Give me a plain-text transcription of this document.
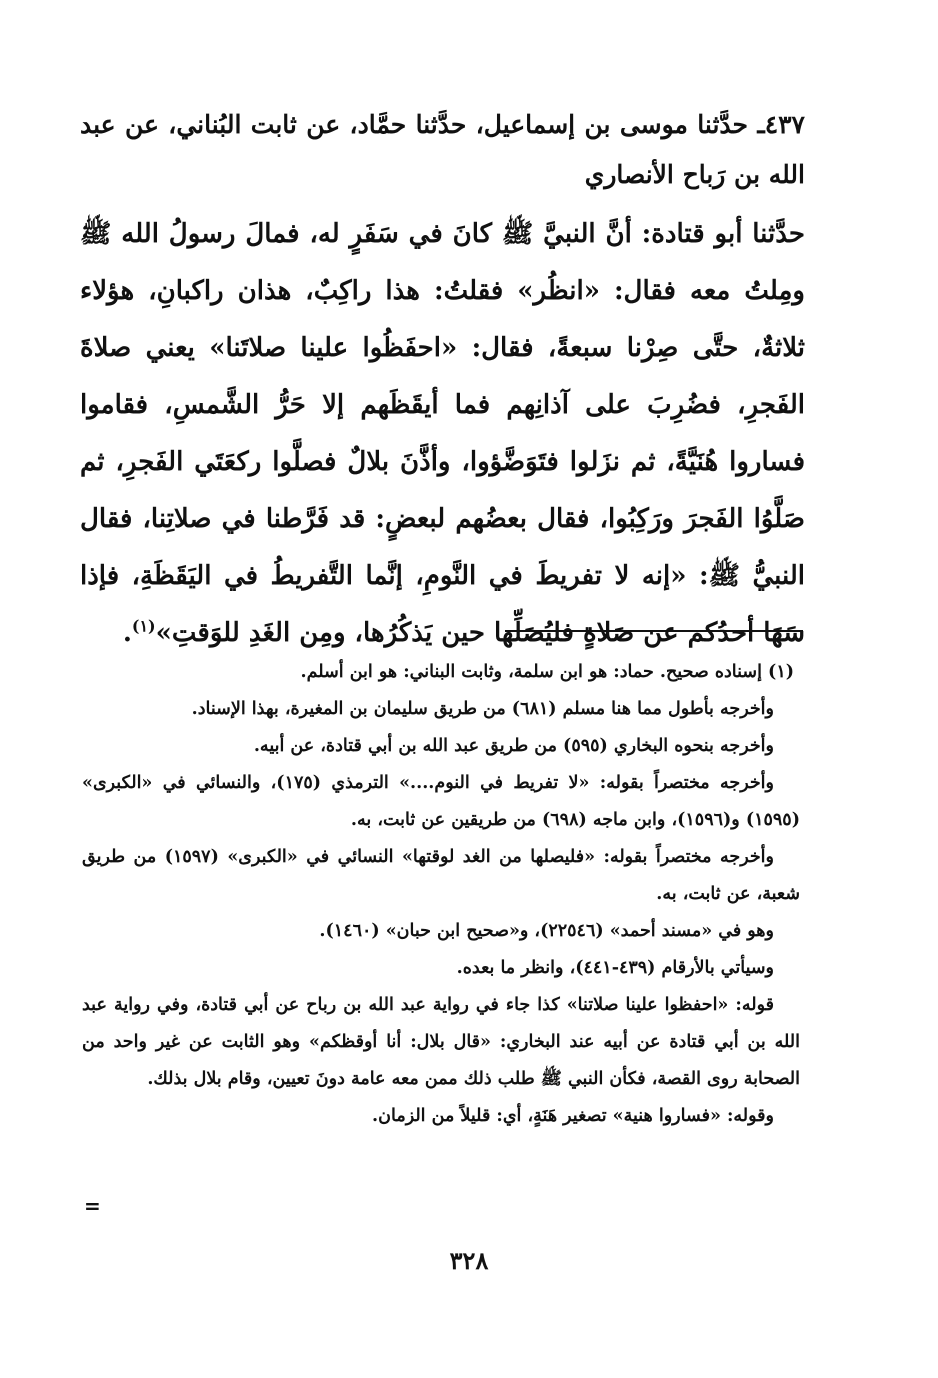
٤٣٧ـ حدَّثنا موسى بن إسماعيل، حدَّثنا حمَّاد، عن ثابت البُناني، عن عبد الله بن رَباح الأنصاري

حدَّثنا أبو قتادة: أنَّ النبيَّ ﷺ كانَ في سَفَرٍ له، فمالَ رسولُ الله ﷺ ومِلتُ معه فقال: «انظُر» فقلتُ: هذا راكِبٌ، هذان راكبانِ، هؤلاء ثلاثةٌ، حتَّى صِرْنا سبعةً، فقال: «احفَظُوا علينا صلاتَنا» يعني صلاةَ الفَجرِ، فضُرِبَ على آذانِهم فما أيقَظَهم إلا حَرُّ الشَّمسِ، فقاموا فساروا هُنَيَّةً، ثم نزَلوا فتَوَضَّؤوا، وأذَّنَ بلالٌ فصلَّوا ركعَتَي الفَجرِ، ثم صَلَّوُا الفَجرَ ورَكِبُوا، فقال بعضُهم لبعضٍ: قد فَرَّطنا في صلاتِنا، فقال النبيُّ ﷺ: «إنه لا تفريطَ في النَّومِ، إنَّما التَّفريطُ في اليَقَظَةِ، فإذا سَهَا أحدُكم عن صَلاةٍ فليُصَلِّها حين يَذكُرُها، ومِن الغَدِ للوَقتِ»$^{(١)}$.

(١) إسناده صحيح. حماد: هو ابن سلمة، وثابت البناني: هو ابن أسلم.

وأخرجه بأطول مما هنا مسلم (٦٨١) من طريق سليمان بن المغيرة، بهذا الإسناد.

وأخرجه بنحوه البخاري (٥٩٥) من طريق عبد الله بن أبي قتادة، عن أبيه.

وأخرجه مختصراً بقوله: «لا تفريط في النوم....» الترمذي (١٧٥)، والنسائي في «الكبرى» (١٥٩٥) و(١٥٩٦)، وابن ماجه (٦٩٨) من طريقين عن ثابت، به.

وأخرجه مختصراً بقوله: «فليصلها من الغد لوقتها» النسائي في «الكبرى» (١٥٩٧) من طريق شعبة، عن ثابت، به.

وهو في «مسند أحمد» (٢٢٥٤٦)، و«صحيح ابن حبان» (١٤٦٠).

وسيأتي بالأرقام (٤٣٩-٤٤١)، وانظر ما بعده.

قوله: «احفظوا علينا صلاتنا» كذا جاء في رواية عبد الله بن رباح عن أبي قتادة، وفي رواية عبد الله بن أبي قتادة عن أبيه عند البخاري: «قال بلال: أنا أوقظكم» وهو الثابت عن غير واحد من الصحابة روى القصة، فكأن النبي ﷺ طلب ذلك ممن معه عامة دونَ تعيين، وقام بلال بذلك.

وقوله: «فساروا هنية» تصغير هَنَةٍ، أي: قليلاً من الزمان.

=
٣٢٨
